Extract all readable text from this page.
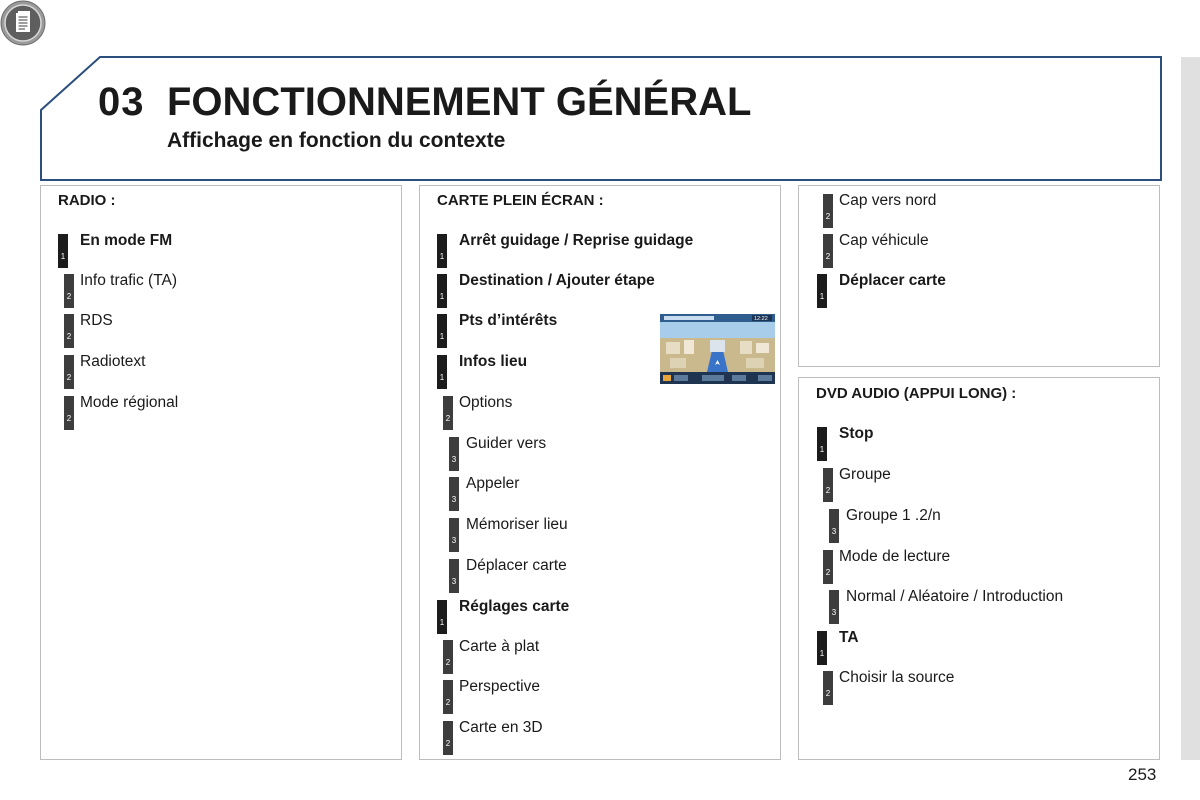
03 FONCTIONNEMENT GÉNÉRAL
Affichage en fonction du contexte
RADIO :
1
En mode FM
2
Info trafic (TA)
2
RDS
2
Radiotext
2
Mode régional
CARTE PLEIN ÉCRAN :
1
Arrêt guidage / Reprise guidage
1
Destination / Ajouter étape
1
Pts d’intérêts
1
Infos lieu
2
Options
3
Guider vers
3
Appeler
3
Mémoriser lieu
3
Déplacer carte
1
Réglages carte
2
Carte à plat
2
Perspective
2
Carte en 3D
12:22
2
Cap vers nord
2
Cap véhicule
1
Déplacer carte
DVD AUDIO (APPUI LONG) :
1
Stop
2
Groupe
3
Groupe 1 .2/n
2
Mode de lecture
3
Normal / Aléatoire / Introduction
1
TA
2
Choisir la source
253
